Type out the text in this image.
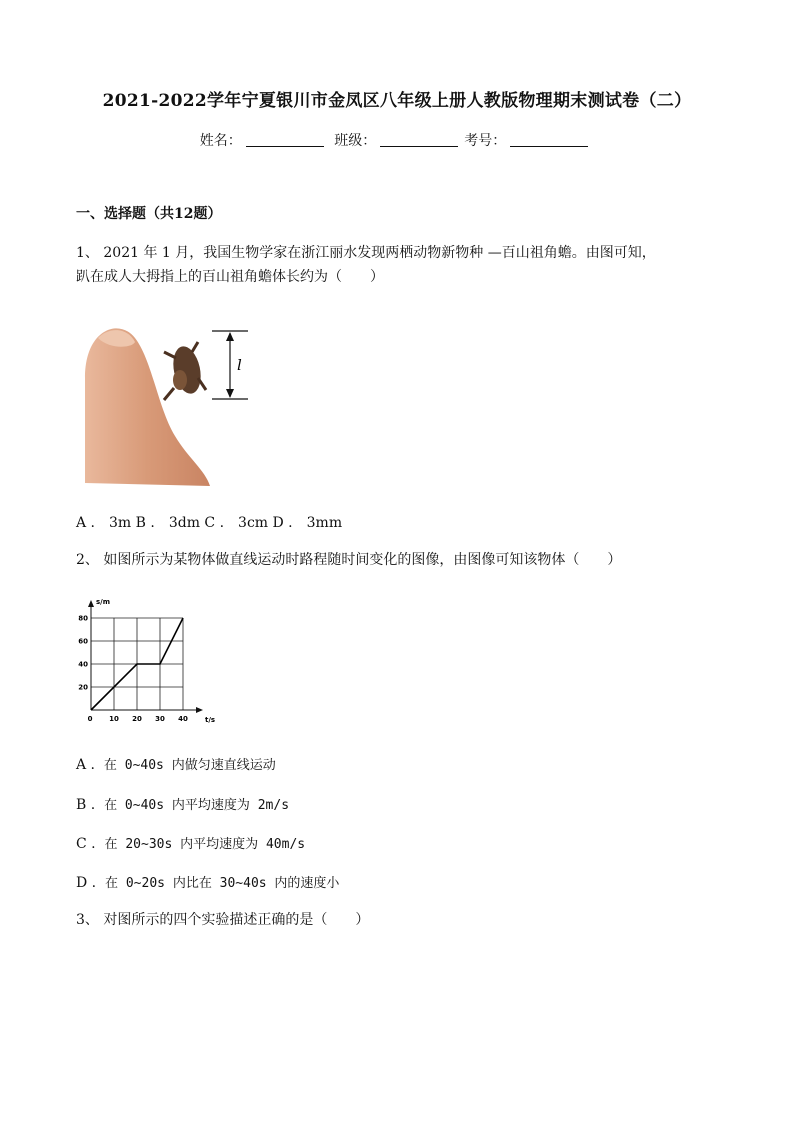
2021-2022学年宁夏银川市金凤区八年级上册人教版物理期末测试卷（二）
姓名：	班级：	考号：
一、选择题（共12题）
1、 2021 年 1 月，我国生物学家在浙江丽水发现两栖动物新物种 —百山祖角蟾。由图可知，
趴在成人大拇指上的百山祖角蟾体长约为（　　）
l
A .　3m B .　3dm C .　3cm D .　3mm
2、 如图所示为某物体做直线运动时路程随时间变化的图像，由图像可知该物体（　　）
0 10 20 30 40
20
40
60
80
s/m
t/s
A . 在 0~40s 内做匀速直线运动
B . 在 0~40s 内平均速度为 2m/s
C . 在 20~30s 内平均速度为 40m/s
D . 在 0~20s 内比在 30~40s 内的速度小
3、 对图所示的四个实验描述正确的是（　　）
